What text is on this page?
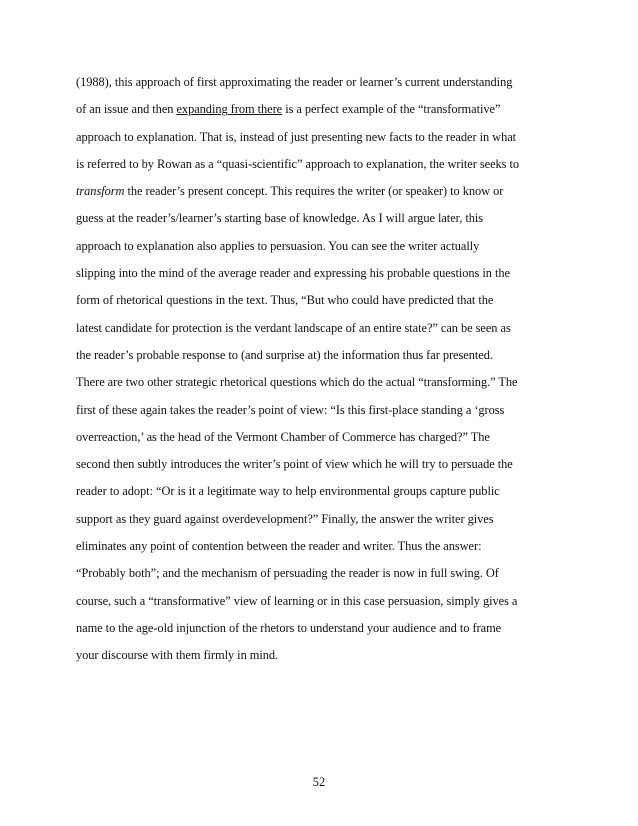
(1988), this approach of first approximating the reader or learner’s current understanding
of an issue and then expanding from there is a perfect example of the “transformative”
approach to explanation. That is, instead of just presenting new facts to the reader in what
is referred to by Rowan as a “quasi-scientific” approach to explanation, the writer seeks to
transform the reader’s present concept. This requires the writer (or speaker) to know or
guess at the reader’s/learner’s starting base of knowledge. As I will argue later, this
approach to explanation also applies to persuasion. You can see the writer actually
slipping into the mind of the average reader and expressing his probable questions in the
form of rhetorical questions in the text. Thus, “But who could have predicted that the
latest candidate for protection is the verdant landscape of an entire state?” can be seen as
the reader’s probable response to (and surprise at) the information thus far presented.
There are two other strategic rhetorical questions which do the actual “transforming.” The
first of these again takes the reader’s point of view: “Is this first-place standing a ‘gross
overreaction,’ as the head of the Vermont Chamber of Commerce has charged?” The
second then subtly introduces the writer’s point of view which he will try to persuade the
reader to adopt: “Or is it a legitimate way to help environmental groups capture public
support as they guard against overdevelopment?” Finally, the answer the writer gives
eliminates any point of contention between the reader and writer. Thus the answer:
“Probably both”; and the mechanism of persuading the reader is now in full swing. Of
course, such a “transformative” view of learning or in this case persuasion, simply gives a
name to the age-old injunction of the rhetors to understand your audience and to frame
your discourse with them firmly in mind.

52
